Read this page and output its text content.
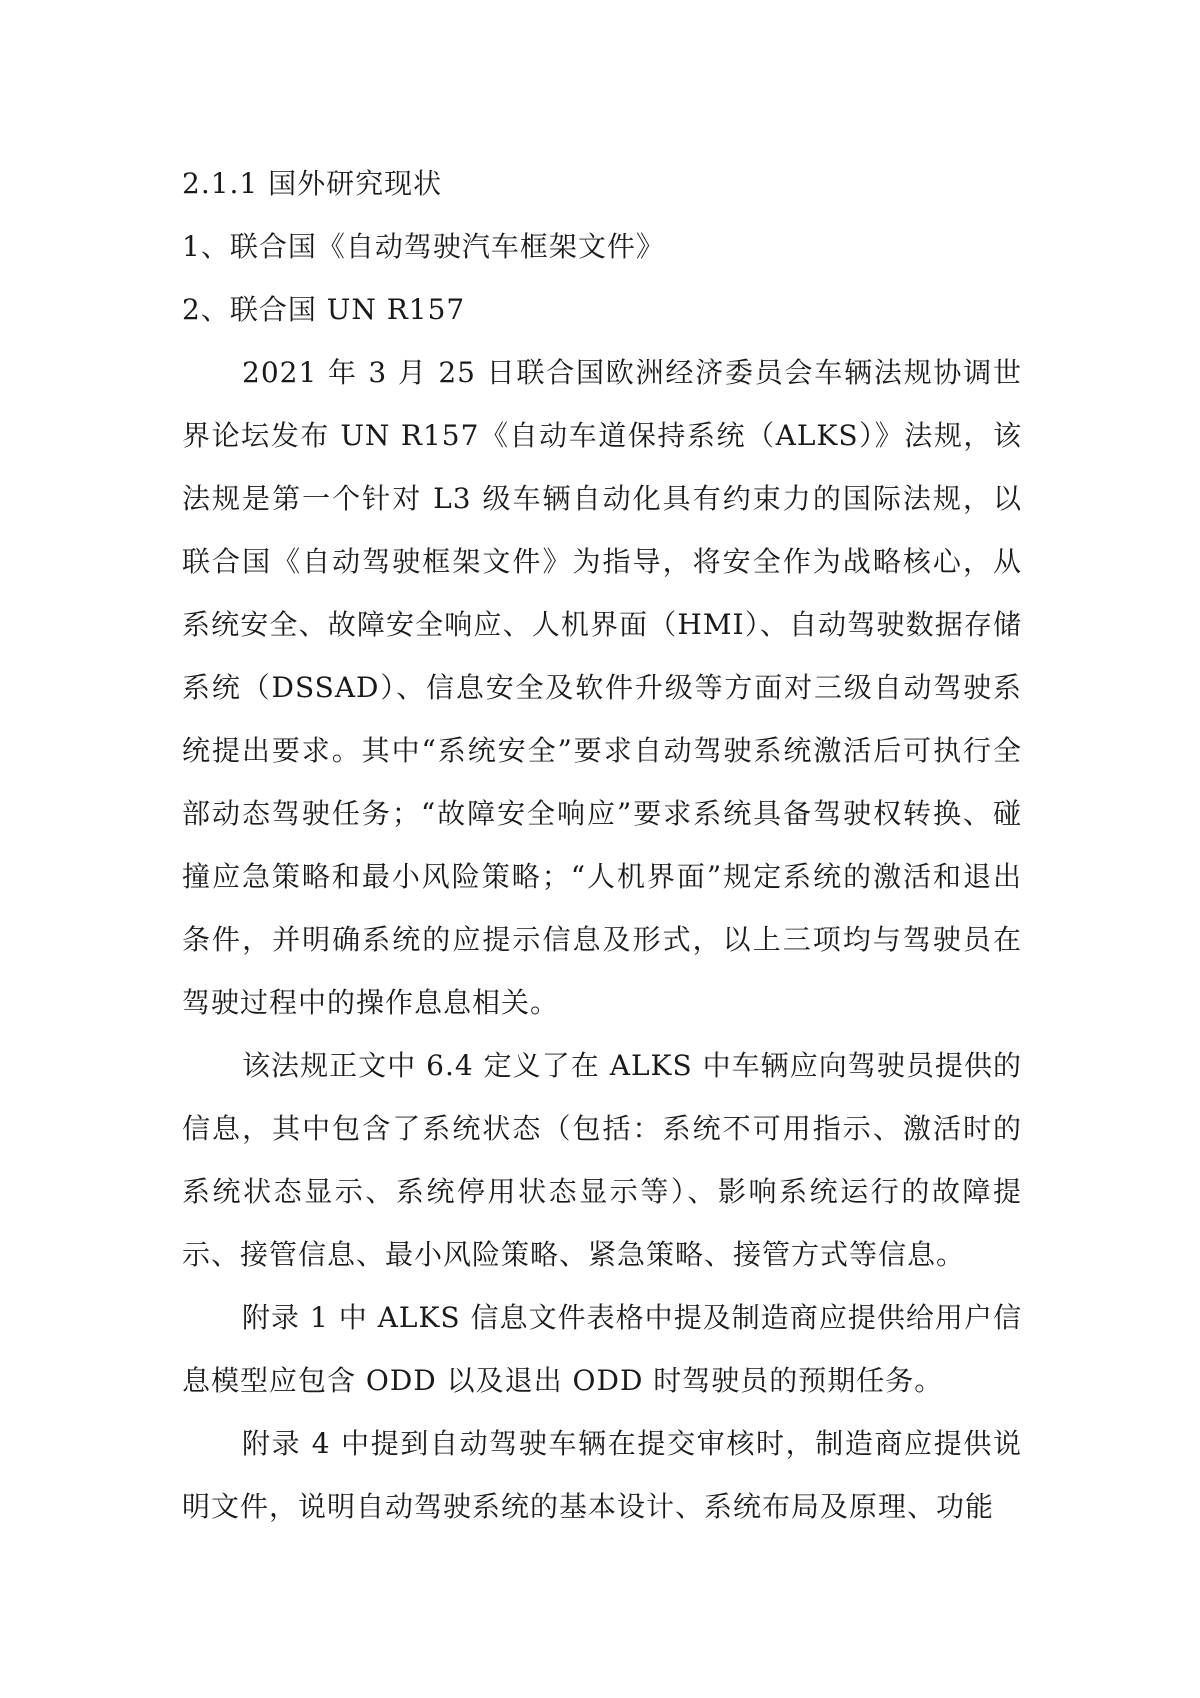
2.1.1 国外研究现状

1、联合国《自动驾驶汽车框架文件》

2、联合国 UN R157

2021 年 3 月 25 日联合国欧洲经济委员会车辆法规协调世界论坛发布 UN R157《自动车道保持系统（ALKS）》法规，该法规是第一个针对 L3 级车辆自动化具有约束力的国际法规，以联合国《自动驾驶框架文件》为指导，将安全作为战略核心，从系统安全、故障安全响应、人机界面（HMI）、自动驾驶数据存储系统（DSSAD）、信息安全及软件升级等方面对三级自动驾驶系统提出要求。其中“系统安全”要求自动驾驶系统激活后可执行全部动态驾驶任务；“故障安全响应”要求系统具备驾驶权转换、碰撞应急策略和最小风险策略；“人机界面”规定系统的激活和退出条件，并明确系统的应提示信息及形式，以上三项均与驾驶员在驾驶过程中的操作息息相关。

该法规正文中 6.4 定义了在 ALKS 中车辆应向驾驶员提供的信息，其中包含了系统状态（包括：系统不可用指示、激活时的系统状态显示、系统停用状态显示等）、影响系统运行的故障提示、接管信息、最小风险策略、紧急策略、接管方式等信息。

附录 1 中 ALKS 信息文件表格中提及制造商应提供给用户信息模型应包含 ODD 以及退出 ODD 时驾驶员的预期任务。

附录 4 中提到自动驾驶车辆在提交审核时，制造商应提供说明文件，说明自动驾驶系统的基本设计、系统布局及原理、功能
